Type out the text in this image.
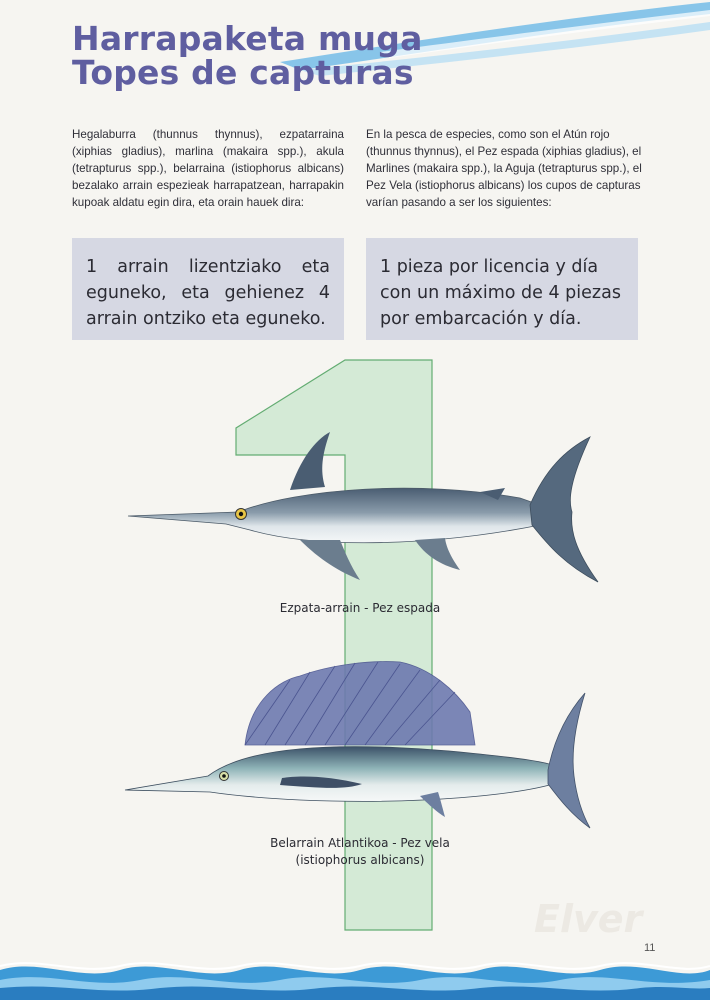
Harrapaketa muga
Topes de capturas
Hegalaburra (thunnus thynnus), ezpatarraina (xiphias gladius), marlina (makaira spp.), akula (tetrapturus spp.), belarraina (istiophorus albicans) bezalako arrain espezieak harrapatzean, harrapakin kupoak aldatu egin dira, eta orain hauek dira:
En la pesca de especies, como son el Atún rojo (thunnus thynnus), el Pez espada (xiphias gladius), el Marlines (makaira spp.), la Aguja (tetrapturus spp.), el Pez Vela (istiophorus albicans) los cupos de capturas varían pasando a ser los siguientes:
1 arrain lizentziako eta eguneko, eta gehienez 4 arrain ontziko eta eguneko.
1 pieza por licencia y día con un máximo de 4 piezas por embarcación y día.
Ezpata-arrain - Pez espada
Belarrain Atlantikoa - Pez vela
(istiophorus albicans)
Elver
11
